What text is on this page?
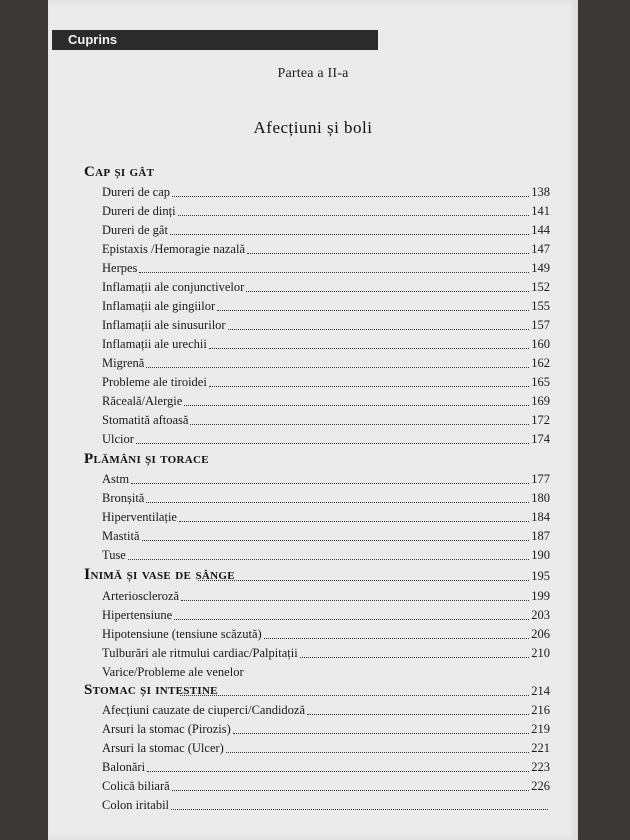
Cuprins
Partea a II-a
Afecțiuni și boli
Cap și gât
Dureri de cap	138
Dureri de dinți	141
Dureri de gât	144
Epistaxis /Hemoragie nazală	147
Herpes	149
Inflamații ale conjunctivelor	152
Inflamații ale gingiilor	155
Inflamații ale sinusurilor	157
Inflamații ale urechii	160
Migrenă	162
Probleme ale tiroidei	165
Răceală/Alergie	169
Stomatită aftoasă	172
Ulcior	174
Plămâni și torace
Astm	177
Bronșită	180
Hiperventilație	184
Mastită	187
Tuse	190
Inimă și vase de sânge	195
Arterioscleroză	199
Hipertensiune	203
Hipotensiune (tensiune scăzută)	206
Tulburări ale ritmului cardiac/Palpitații	210
Varice/Probleme ale venelor
Stomac și intestine	214
Afecțiuni cauzate de ciuperci/Candidoză	216
Arsuri la stomac (Pirozis)	219
Arsuri la stomac (Ulcer)	221
Balonări	223
Colică biliară	226
Colon iritabil
